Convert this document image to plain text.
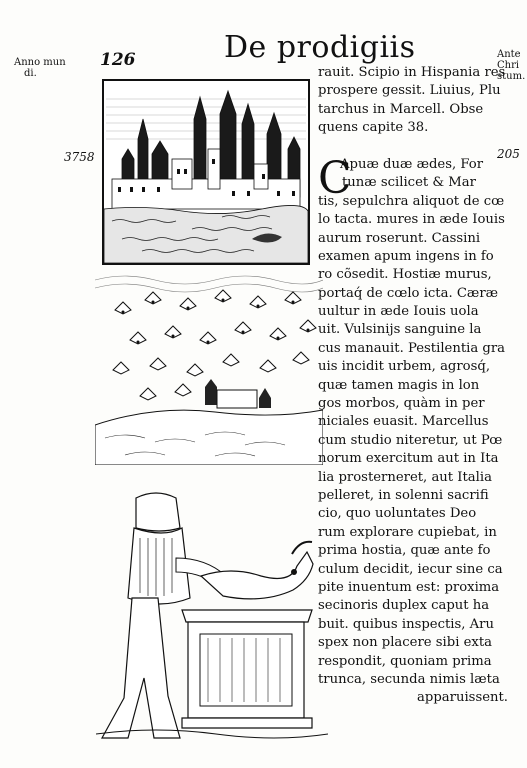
Anno mun
di.
126	De prodigiis	Ante
Chri
stum.
3758	205
C
rauit. Scipio in Hispania res
prospere gessit. Liuius, Plu
tarchus in Marcell. Obse
quens capite 38.
Apuæ duæ ædes, For
tunæ scilicet & Mar
tis, sepulchra aliquot de cœ
lo tacta. mures in æde Iouis
aurum roserunt. Cassini
examen apum ingens in fo
ro cõsedit. Hostiæ murus,
portaq́ de cœlo icta. Cæræ
uultur in æde Iouis uola
uit. Vulsinijs sanguine la
cus manauit. Pestilentia gra
uis incidit urbem, agrosq́,
quæ tamen magis in lon
gos morbos, quàm in per
niciales euasit. Marcellus
cum studio niteretur, ut Pœ
norum exercitum aut in Ita
lia prosterneret, aut Italia
pelleret, in solenni sacrifi
cio, quo uoluntates Deo
rum explorare cupiebat, in
prima hostia, quæ ante fo
culum decidit, iecur sine ca
pite inuentum est: proxima
secinoris duplex caput ha
buit. quibus inspectis, Aru
spex non placere sibi exta
respondit, quoniam prima
trunca, secunda nimis læta
apparuissent.
